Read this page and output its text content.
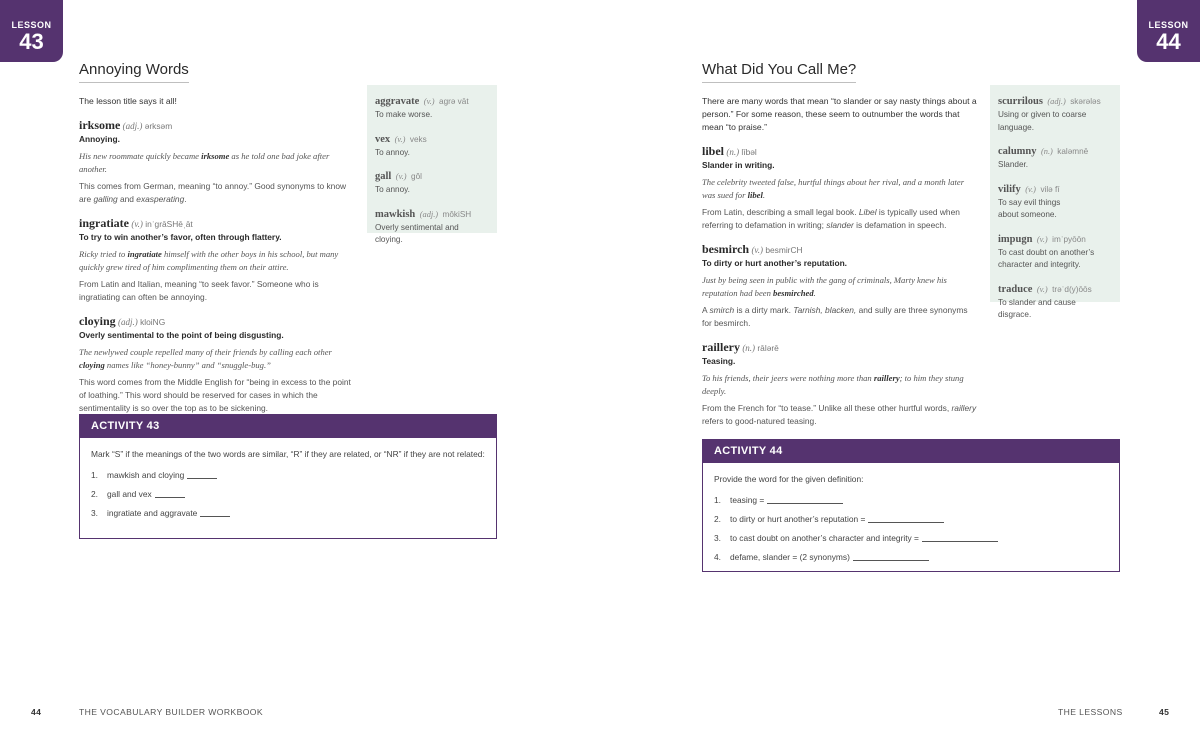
LESSON
43
LESSON
44
Annoying Words
The lesson title says it all!
irksome (adj.) ərksəm
Annoying.
His new roommate quickly became irksome as he told one bad joke after another.
This comes from German, meaning “to annoy.” Good synonyms to know are galling and exasperating.
ingratiate (v.) inˈgrāSHēˌāt
To try to win another’s favor, often through flattery.
Ricky tried to ingratiate himself with the other boys in his school, but many quickly grew tired of him complimenting them on their attire.
From Latin and Italian, meaning “to seek favor.” Someone who is ingratiating can often be annoying.
cloying (adj.) kloiNG
Overly sentimental to the point of being disgusting.
The newlywed couple repelled many of their friends by calling each other cloying names like “honey-bunny” and “snuggle-bug.”
This word comes from the Middle English for “being in excess to the point of loathing.” This word should be reserved for cases in which the sentimentality is so over the top as to be sickening.
aggravate (v.) agrə vāt
To make worse.
vex (v.) veks
To annoy.
gall (v.) gôl
To annoy.
mawkish (adj.) môkiSH
Overly sentimental and cloying.
ACTIVITY 43
Mark “S” if the meanings of the two words are similar, “R” if they are related, or “NR” if they are not related:
1.	mawkish and cloying
2.	gall and vex
3.	ingratiate and aggravate
What Did You Call Me?
There are many words that mean “to slander or say nasty things about a person.” For some reason, these seem to outnumber the words that mean “to praise.”
libel (n.) lībəl
Slander in writing.
The celebrity tweeted false, hurtful things about her rival, and a month later was sued for libel.
From Latin, describing a small legal book. Libel is typically used when referring to defamation in writing; slander is defamation in speech.
besmirch (v.) besmirCH
To dirty or hurt another’s reputation.
Just by being seen in public with the gang of criminals, Marty knew his reputation had been besmirched.
A smirch is a dirty mark. Tarnish, blacken, and sully are three synonyms for besmirch.
raillery (n.) rālərē
Teasing.
To his friends, their jeers were nothing more than raillery; to him they stung deeply.
From the French for “to tease.” Unlike all these other hurtful words, raillery refers to good-natured teasing.
scurrilous (adj.) skərələs
Using or given to coarse language.
calumny (n.) kaləmnē
Slander.
vilify (v.) vilə fī
To say evil things about someone.
impugn (v.) imˈpyōōn
To cast doubt on another’s character and integrity.
traduce (v.) trəˈd(y)ōōs
To slander and cause disgrace.
ACTIVITY 44
Provide the word for the given definition:
1.	teasing =
2.	to dirty or hurt another’s reputation =
3.	to cast doubt on another’s character and integrity =
4.	defame, slander = (2 synonyms)
44	THE VOCABULARY BUILDER WORKBOOK	THE LESSONS	45
